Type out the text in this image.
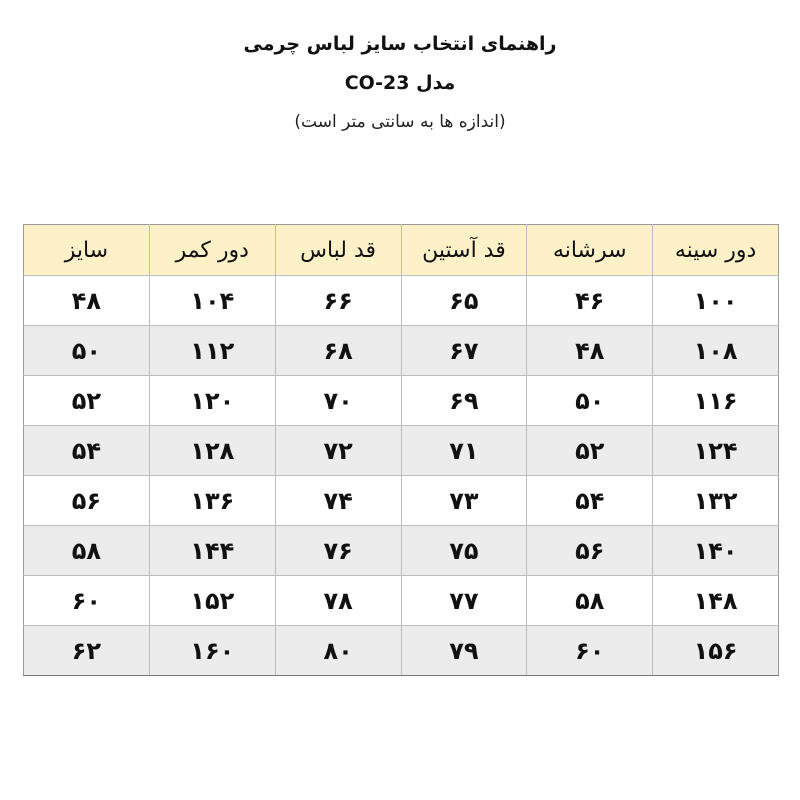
راهنمای انتخاب سایز لباس چرمی
مدل CO-23
(اندازه ها به سانتی متر است)
دور سینه	سرشانه	قد آستین	قد لباس	دور کمر	سایز
۱۰۰	۴۶	۶۵	۶۶	۱۰۴	۴۸
۱۰۸	۴۸	۶۷	۶۸	۱۱۲	۵۰
۱۱۶	۵۰	۶۹	۷۰	۱۲۰	۵۲
۱۲۴	۵۲	۷۱	۷۲	۱۲۸	۵۴
۱۳۲	۵۴	۷۳	۷۴	۱۳۶	۵۶
۱۴۰	۵۶	۷۵	۷۶	۱۴۴	۵۸
۱۴۸	۵۸	۷۷	۷۸	۱۵۲	۶۰
۱۵۶	۶۰	۷۹	۸۰	۱۶۰	۶۲
